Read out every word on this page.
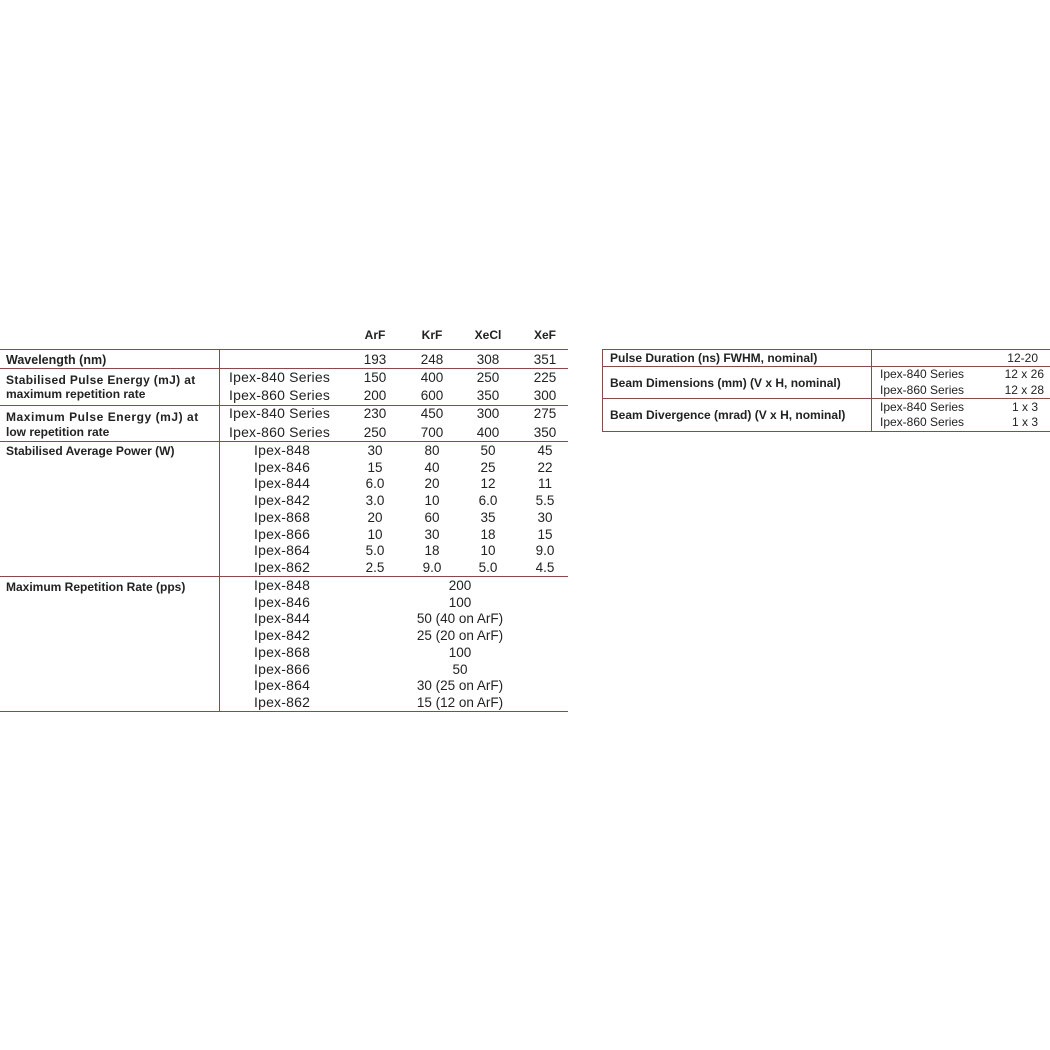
ArF	KrF	XeCl	XeF
Wavelength (nm)	193	248	308	351
Stabilised Pulse Energy (mJ) at
maximum repetition rate
Ipex-840 Series	150	400	250	225
Ipex-860 Series	200	600	350	300
Maximum Pulse Energy (mJ) at
low repetition rate
Ipex-840 Series	230	450	300	275
Ipex-860 Series	250	700	400	350
Stabilised Average Power (W)	Ipex-848	30	80	50	45
Ipex-846	15	40	25	22
Ipex-844	6.0	20	12	11
Ipex-842	3.0	10	6.0	5.5
Ipex-868	20	60	35	30
Ipex-866	10	30	18	15
Ipex-864	5.0	18	10	9.0
Ipex-862	2.5	9.0	5.0	4.5
Maximum Repetition Rate (pps)	Ipex-848	200
Ipex-846	100
Ipex-844	50 (40 on ArF)
Ipex-842	25 (20 on ArF)
Ipex-868	100
Ipex-866	50
Ipex-864	30 (25 on ArF)
Ipex-862	15 (12 on ArF)
Pulse Duration (ns) FWHM, nominal)	12-20
Beam Dimensions (mm) (V x H, nominal)
Ipex-840 Series	12 x 26
Ipex-860 Series	12 x 28
Beam Divergence (mrad) (V x H, nominal)
Ipex-840 Series	1 x 3
Ipex-860 Series	1 x 3
